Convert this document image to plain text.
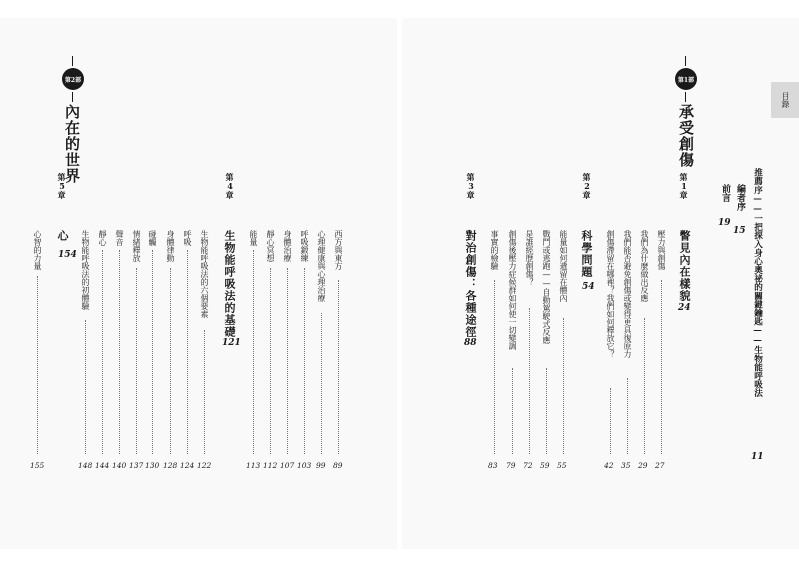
第2部
內在的世界
第5章
心
154
心智的力量
155
生物能呼吸法的初體驗
148
靜心
144
聲音
140
情緒釋放
137
碰觸
130
身體律動
128
呼吸
124
生物能呼吸法的六個要素
122
第4章
生物能呼吸法的基礎
121
能量
113
靜心冥想
112
身體治療
107
呼吸鍛練
103
心理健康與心理治療
99
西方與東方
89
第1部
承受創傷
第3章
對治創傷：各種途徑
88
事實的檢驗
83
創傷後壓力症候群如何使一切變調
79
是誰經歷創傷？
72
戰鬥或逃跑——自動駕駛式反應
59
能量如何遺留在體內
55
第2章
科學問題
54 創傷滯留在哪裡？我們如何釋放它？
42
我們能否避免創傷或變得更具復原力
35
我們為什麼做出反應
29
壓力與創傷
27
第1章
瞥見內在樣貌
24
前言
19
編者序
15 推薦序——一把探入身心奧祕的關鍵鑰匙——生物能呼吸法
11
目錄
